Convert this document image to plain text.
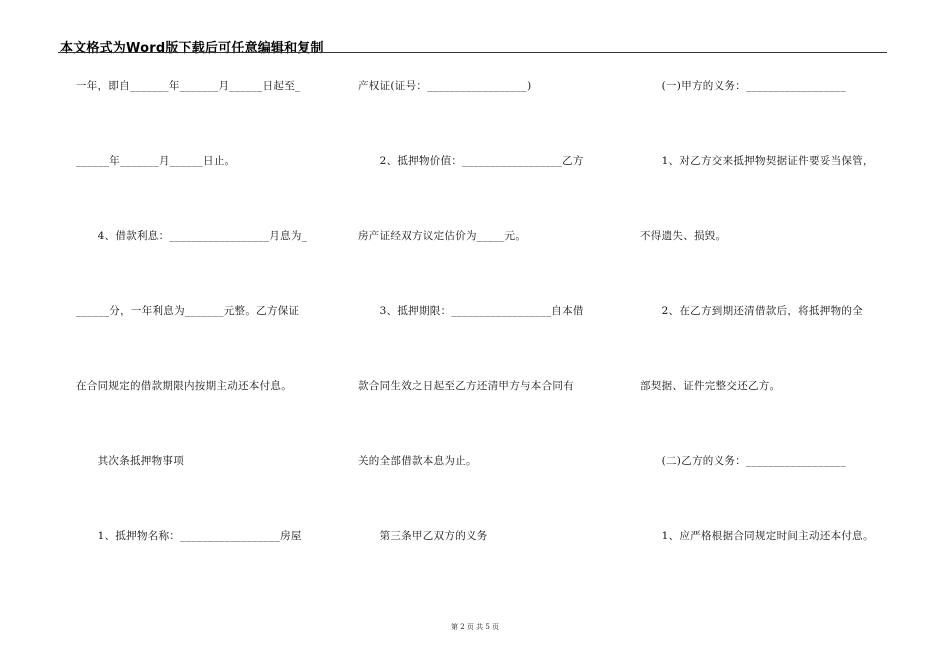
本文格式为Word版下载后可任意编辑和复制
一年，即自_______年_______月______日起至_
______年_______月______日止。
　　4、借款利息：__________________月息为_
______分，一年利息为_______元整。乙方保证
在合同规定的借款期限内按期主动还本付息。
　　其次条抵押物事项
　　1、抵押物名称：__________________房屋
产权证(证号：__________________)
　　2、抵押物价值：__________________乙方
房产证经双方议定估价为_____元。
　　3、抵押期限：__________________自本借
款合同生效之日起至乙方还清甲方与本合同有
关的全部借款本息为止。
　　第三条甲乙双方的义务
　　(一)甲方的义务：__________________
　　1、对乙方交来抵押物契据证件要妥当保管，
不得遗失、损毁。
　　2、在乙方到期还清借款后，将抵押物的全
部契据、证件完整交还乙方。
　　(二)乙方的义务：__________________
　　1、应严格根据合同规定时间主动还本付息。
第 2 页 共 5 页
